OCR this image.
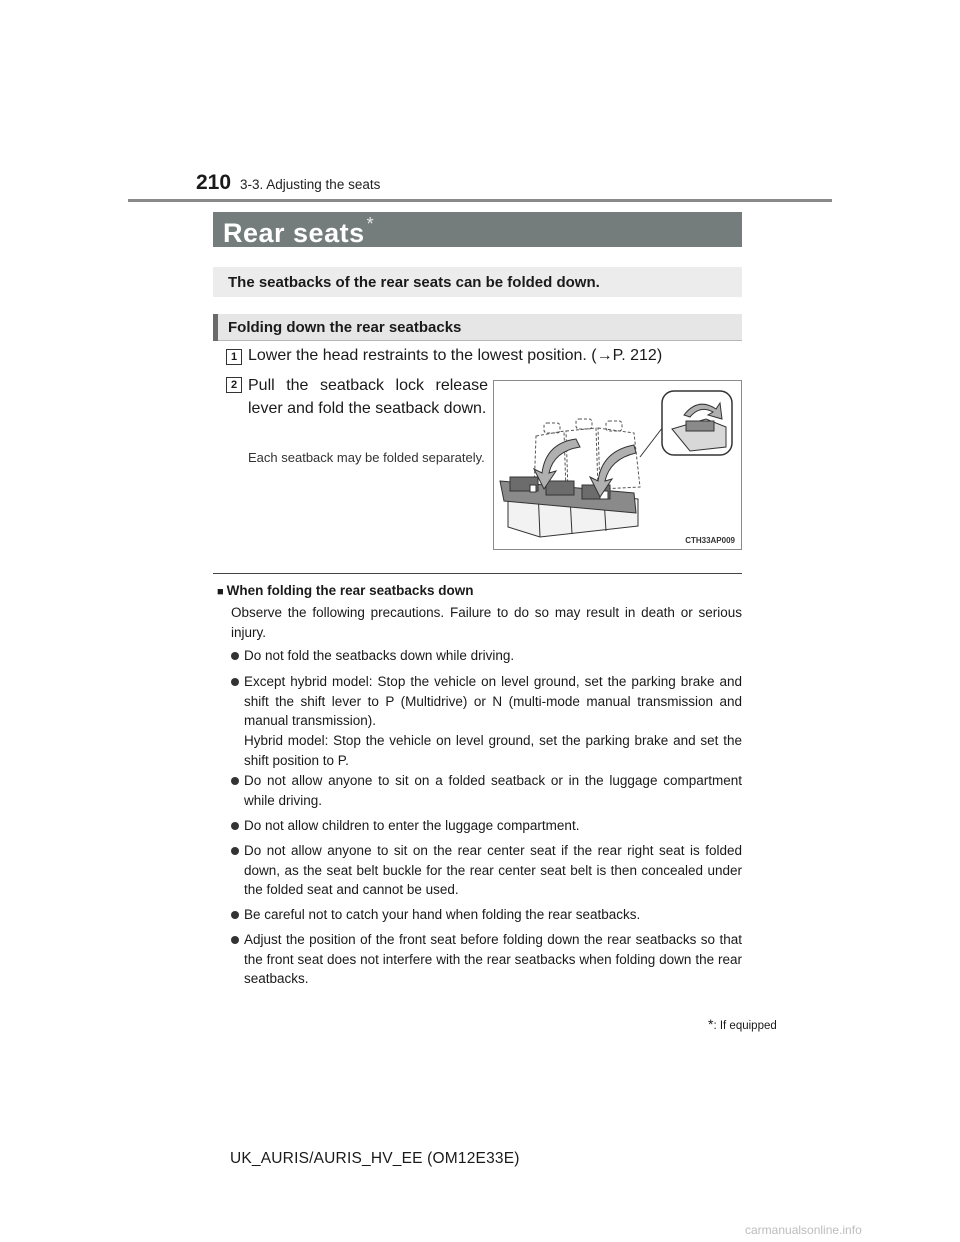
210 3-3. Adjusting the seats
Rear seats *
The seatbacks of the rear seats can be folded down.
Folding down the rear seatbacks
1 Lower the head restraints to the lowest position. (→P. 212)
2 Pull the seatback lock release lever and fold the seatback down.
Each seatback may be folded separately.
CTH33AP009
■ When folding the rear seatbacks down
Observe the following precautions. Failure to do so may result in death or serious injury.
Do not fold the seatbacks down while driving.
Except hybrid model: Stop the vehicle on level ground, set the parking brake and shift the shift lever to P (Multidrive) or N (multi-mode manual transmission and manual transmission).
Hybrid model: Stop the vehicle on level ground, set the parking brake and set the shift position to P.
Do not allow anyone to sit on a folded seatback or in the luggage compartment while driving.
Do not allow children to enter the luggage compartment.
Do not allow anyone to sit on the rear center seat if the rear right seat is folded down, as the seat belt buckle for the rear center seat belt is then concealed under the folded seat and cannot be used.
Be careful not to catch your hand when folding the rear seatbacks.
Adjust the position of the front seat before folding down the rear seatbacks so that the front seat does not interfere with the rear seatbacks when folding down the rear seatbacks.
*: If equipped
UK_AURIS/AURIS_HV_EE (OM12E33E)
carmanualsonline.info
